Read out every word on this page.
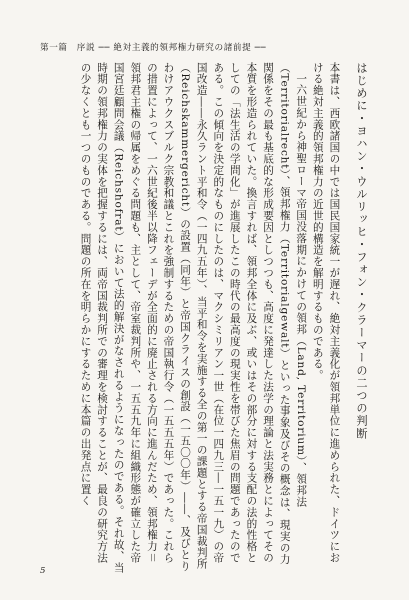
第一篇　序説 ── 絶対主義的領邦権力研究の諸前提 ──
はじめに・ヨハン・ウルリッヒ・フォン・クラーマーの二つの判断

本書は、西欧諸国の中では国民国家統一が遅れ、絶対主義化が領邦単位に進められた、ドイツにおける絶対主義的領邦権力の近世的構造を解明するものである。

一六世紀から神聖ローマ帝国没落期にかけての領邦（Land, Territorium）、領邦法（Territorialrecht）、領邦権力（Territorialgewalt）といった事象及びその概念は、現実の力関係をその最も基底的な形成要因としつつも、高度に発達した法学の理論と法実務とによってその本質を形造られていた。換言すれば、領邦全体に及ぶ、或いはその部分に対する支配の法的性格としての「法生活の学問化」が進展したこの時代の最高度の現実性を帯びた焦眉の問題であったのである。この傾向を決定的なものにしたのは、マクシミリアン一世（在位一四九三―一五一九）の帝国改造――永久ラント平和令（一四九五年）、当平和令を実施する全の第一の課題とする帝国裁判所（Reichskammergericht）の設置（同年）と帝国クライスの創設（一五〇〇年）――、及びとりわけアウクスブルク宗教和議とこれを強制するための帝国執行令（一五五五年）であった。これらの措置によって、一六世紀後半以降フェーデが全面的に廃止される方向に進んだため、領邦権力＝領邦君主権の帰属をめぐる問題も、主として、帝室裁判所や、一五五九年に組織形態が確立した帝国宮廷顧問会議（Reichshofrat）において法的解決がなされるようになったのである。それ故、当時期の領邦権力の実体を把握するには、両帝国裁判所での審理を検討することが、最良の研究方法の少なくとも一つのものである。問題の所在を明らかにするために本篇の出発点に置く

5
